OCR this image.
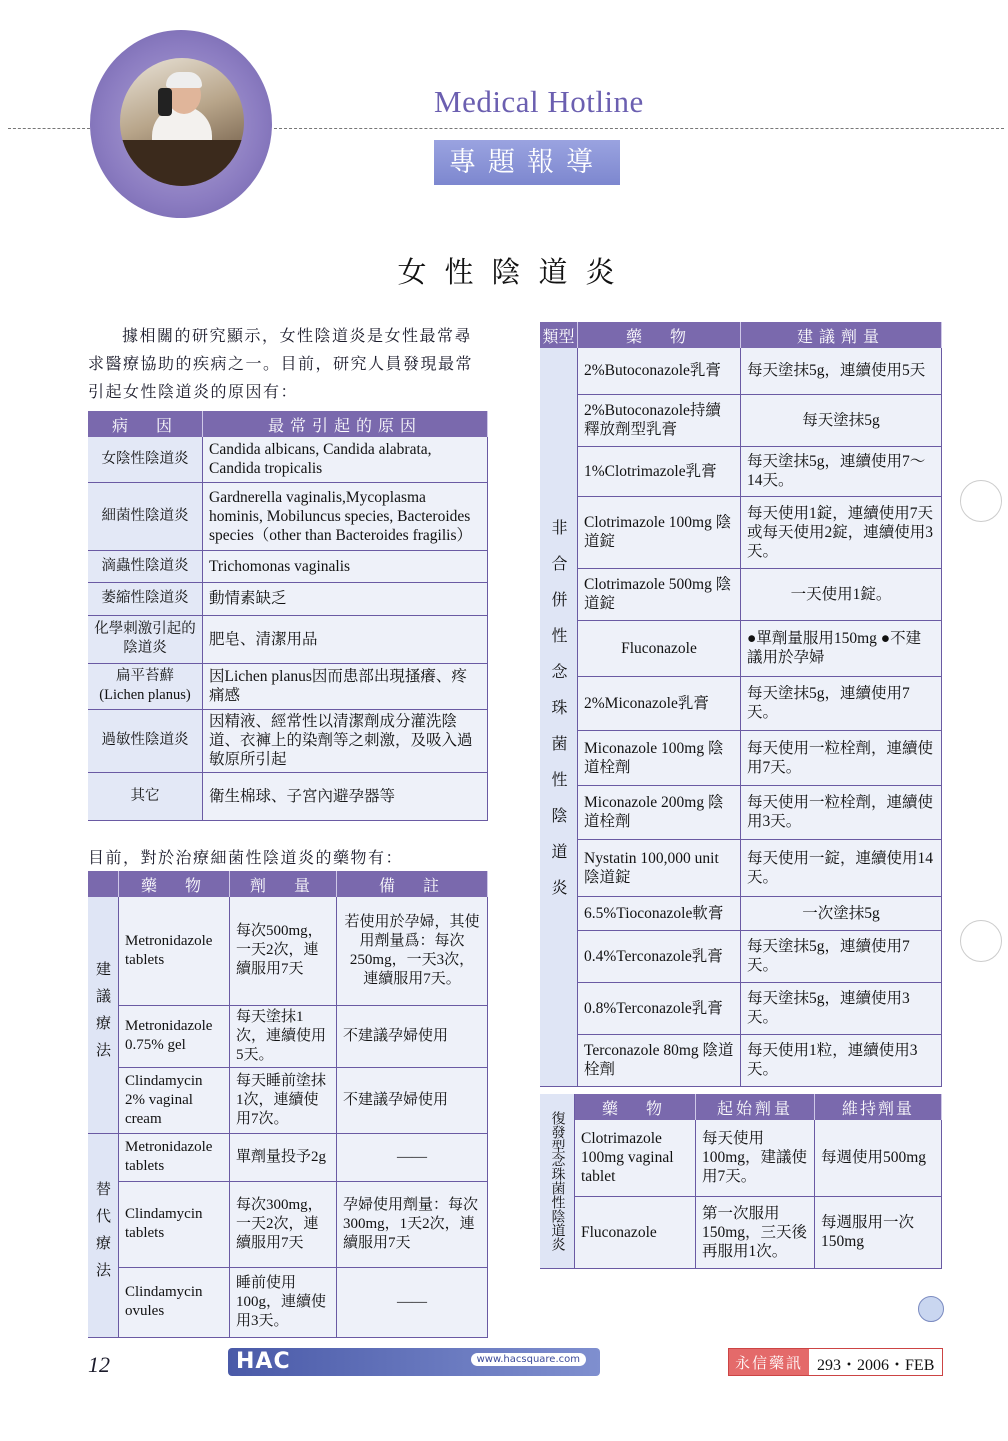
Medical Hotline
專題報導
女性陰道炎
據相關的研究顯示，女性陰道炎是女性最常尋求醫療協助的疾病之一。目前，研究人員發現最常引起女性陰道炎的原因有：
病　因	最常引起的原因
女陰性陰道炎	Candida albicans, Candida alabrata, Candida tropicalis
細菌性陰道炎	Gardnerella vaginalis,Mycoplasma hominis, Mobiluncus species, Bacteroides species（other than Bacteroides fragilis）
滴蟲性陰道炎	Trichomonas vaginalis
萎縮性陰道炎	動情素缺乏
化學刺激引起的陰道炎	肥皂、清潔用品
扁平苔蘚(Lichen planus)	因Lichen planus因而患部出現搔癢、疼痛感
過敏性陰道炎	因精液、經常性以清潔劑成分灌洗陰道、衣褲上的染劑等之刺激，及吸入過敏原所引起
其它	衛生棉球、子宮內避孕器等
目前，對於治療細菌性陰道炎的藥物有：
	藥　物	劑　量	備　註
建議療法	Metronidazole tablets	每次500mg，一天2次，連續服用7天	若使用於孕婦，其使用劑量爲：每次250mg，一天3次，連續服用7天。
	Metronidazole 0.75% gel	每天塗抹1次，連續使用5天。	不建議孕婦使用
	Clindamycin 2% vaginal cream	每天睡前塗抹1次，連續使用7次。	不建議孕婦使用
替代療法	Metronidazole tablets	單劑量投予2g	——
	Clindamycin tablets	每次300mg，一天2次，連續服用7天	孕婦使用劑量：每次300mg，1天2次，連續服用7天
	Clindamycin ovules	睡前使用100g，連續使用3天。	——
類型	藥　物	建議劑量
非合併性念珠菌性陰道炎	2%Butoconazole乳膏	每天塗抹5g，連續使用5天
	2%Butoconazole持續釋放劑型乳膏	每天塗抹5g
	1%Clotrimazole乳膏	每天塗抹5g，連續使用7～14天。
	Clotrimazole 100mg 陰道錠	每天使用1錠，連續使用7天或每天使用2錠，連續使用3天。
	Clotrimazole 500mg 陰道錠	一天使用1錠。
	Fluconazole	●單劑量服用150mg ●不建議用於孕婦
	2%Miconazole乳膏	每天塗抹5g，連續使用7天。
	Miconazole 100mg 陰道栓劑	每天使用一粒栓劑，連續使用7天。
	Miconazole 200mg 陰道栓劑	每天使用一粒栓劑，連續使用3天。
	Nystatin 100,000 unit 陰道錠	每天使用一錠，連續使用14天。
	6.5%Tioconazole軟膏	一次塗抹5g
	0.4%Terconazole乳膏	每天塗抹5g，連續使用7天。
	0.8%Terconazole乳膏	每天塗抹5g，連續使用3天。
	Terconazole 80mg 陰道栓劑	每天使用1粒，連續使用3天。
復發型念珠菌性陰道炎	藥　物	起始劑量	維持劑量
	Clotrimazole 100mg vaginal tablet	每天使用100mg，建議使用7天。	每週使用500mg
	Fluconazole	第一次服用150mg，三天後再服用1次。	每週服用一次150mg
12	HAC	www.hacsquare.com	永信藥訊 293・2006・FEB
